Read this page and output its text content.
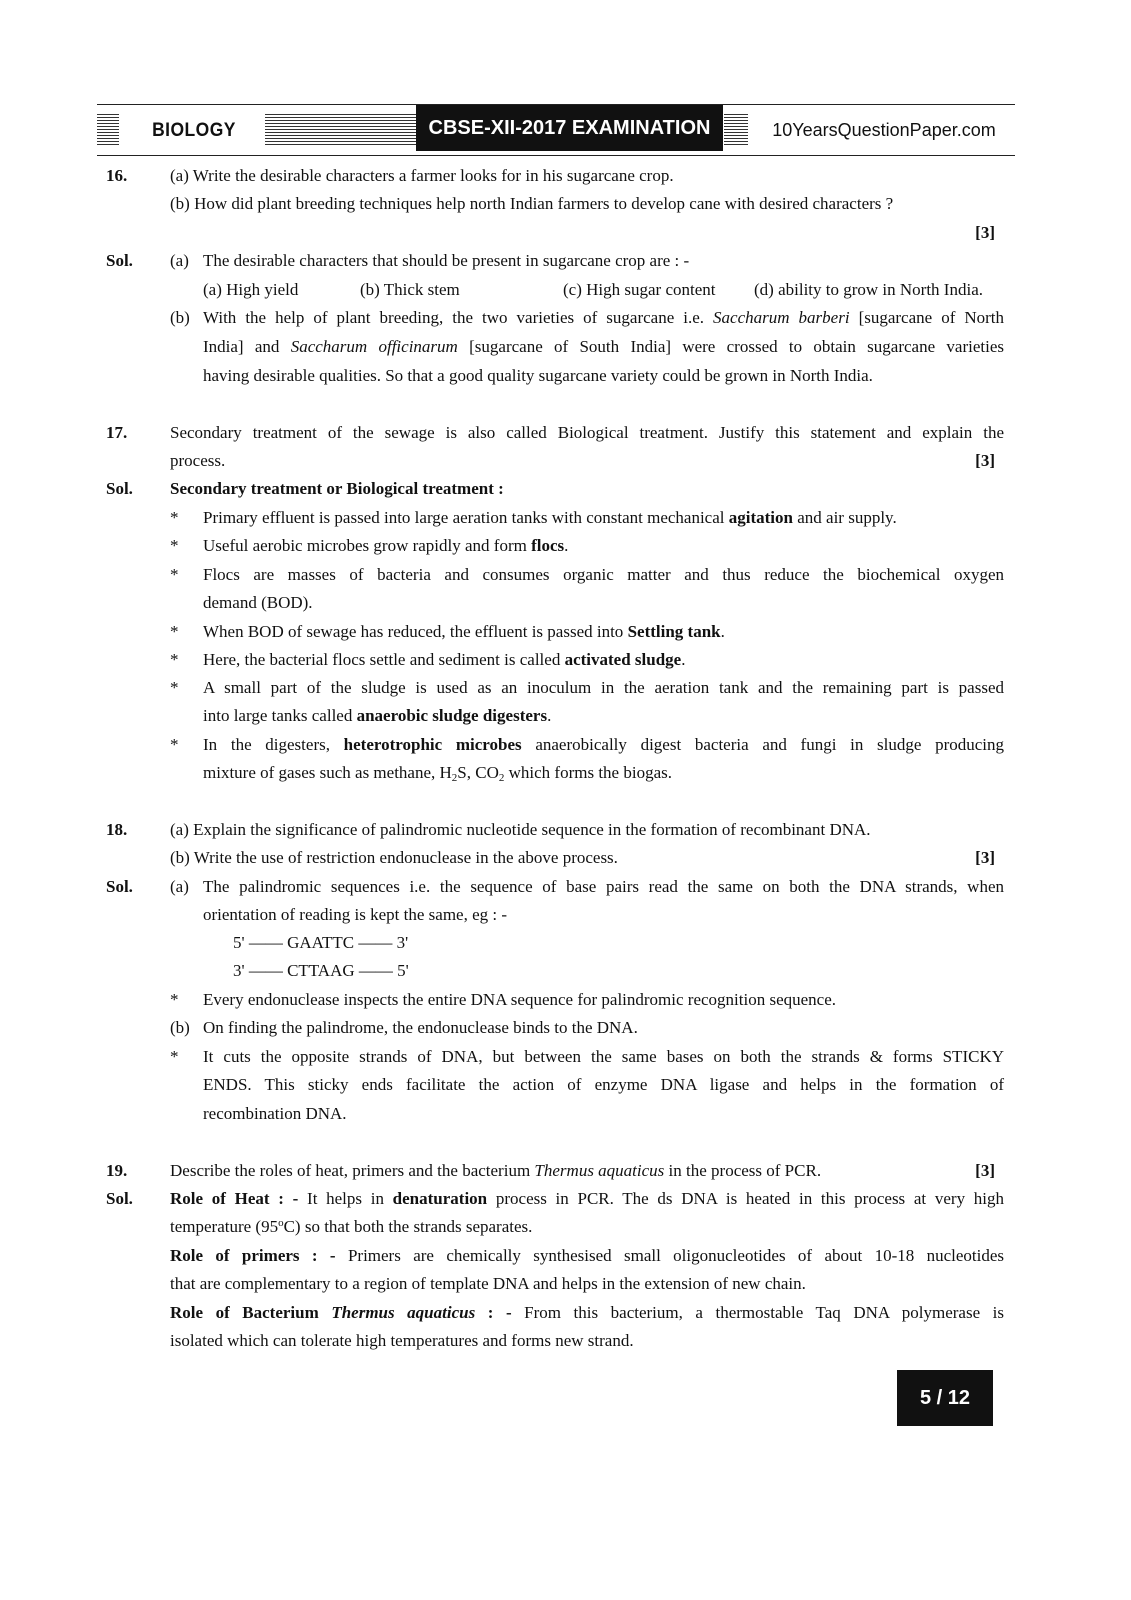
BIOLOGY	CBSE-XII-2017 EXAMINATION	10YearsQuestionPaper.com
16.	(a) Write the desirable characters a farmer looks for in his sugarcane crop.
(b) How did plant breeding techniques help north Indian farmers to develop cane with desired characters ?
[3]
Sol. (a) The desirable characters that should be present in sugarcane crop are : -
(a) High yield	(b) Thick stem	(c) High sugar content (d) ability to grow in North India.
(b) With the help of plant breeding, the two varieties of sugarcane i.e. Saccharum barberi [sugarcane of North
India] and Saccharum officinarum [sugarcane of South India] were crossed to obtain sugarcane varieties
having desirable qualities. So that a good quality sugarcane variety could be grown in North India.
17.	Secondary treatment of the sewage is also called Biological treatment. Justify this statement and explain the
process.	[3]
Sol. Secondary treatment or Biological treatment :
* Primary effluent is passed into large aeration tanks with constant mechanical agitation and air supply.
* Useful aerobic microbes grow rapidly and form flocs.
* Flocs are masses of bacteria and consumes organic matter and thus reduce the biochemical oxygen
demand (BOD).
* When BOD of sewage has reduced, the effluent is passed into Settling tank.
* Here, the bacterial flocs settle and sediment is called activated sludge.
* A small part of the sludge is used as an inoculum in the aeration tank and the remaining part is passed
into large tanks called anaerobic sludge digesters.
* In the digesters, heterotrophic microbes anaerobically digest bacteria and fungi in sludge producing
mixture of gases such as methane, $H_2S$, $CO_2$ which forms the biogas.
18.	(a) Explain the significance of palindromic nucleotide sequence in the formation of recombinant DNA.
(b) Write the use of restriction endonuclease in the above process.	[3]
Sol. (a) The palindromic sequences i.e. the sequence of base pairs read the same on both the DNA strands, when
orientation of reading is kept the same, eg : -
5' —— GAATTC —— 3'
3' —— CTTAAG —— 5'
* Every endonuclease inspects the entire DNA sequence for palindromic recognition sequence.
(b) On finding the palindrome, the endonuclease binds to the DNA.
* It cuts the opposite strands of DNA, but between the same bases on both the strands & forms STICKY
ENDS. This sticky ends facilitate the action of enzyme DNA ligase and helps in the formation of
recombination DNA.
19.	Describe the roles of heat, primers and the bacterium Thermus aquaticus in the process of PCR.	[3]
Sol. Role of Heat : - It helps in denaturation process in PCR. The ds DNA is heated in this process at very high
temperature (95$^o$C) so that both the strands separates.
Role of primers : - Primers are chemically synthesised small oligonucleotides of about 10-18 nucleotides
that are complementary to a region of template DNA and helps in the extension of new chain.
Role of Bacterium Thermus aquaticus : - From this bacterium, a thermostable Taq DNA polymerase is
isolated which can tolerate high temperatures and forms new strand.
5 / 12
